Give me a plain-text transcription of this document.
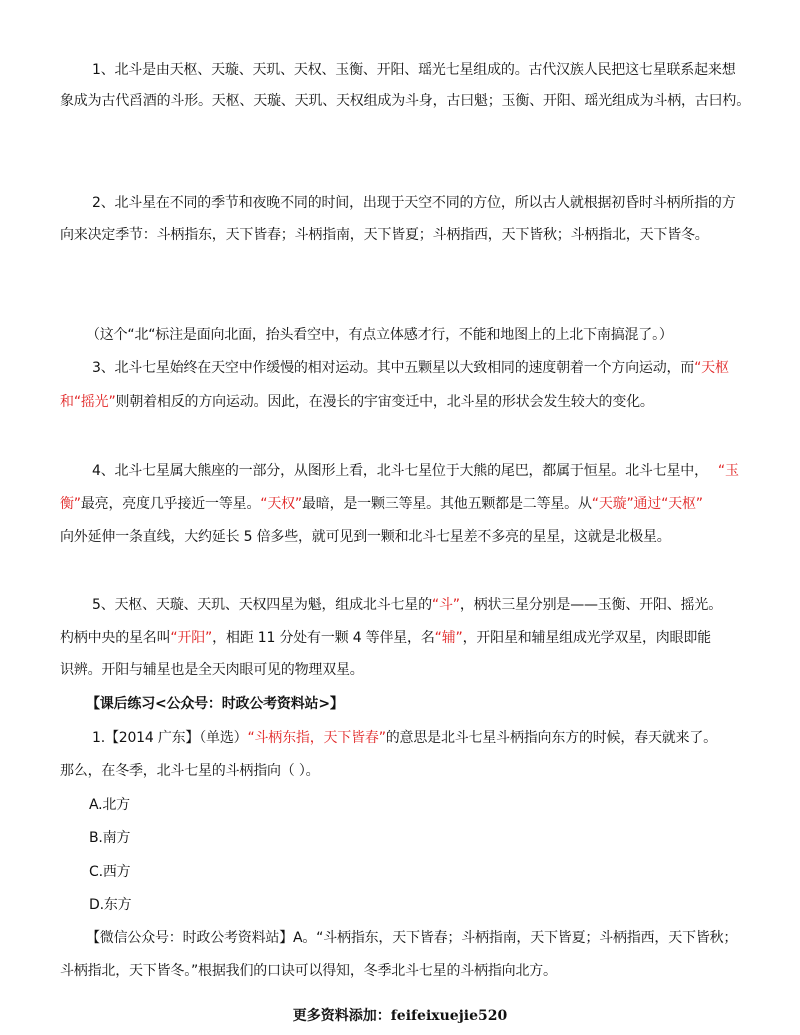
1、北斗是由天枢、天璇、天玑、天权、玉衡、开阳、瑶光七星组成的。古代汉族人民把这七星联系起来想
象成为古代舀酒的斗形。天枢、天璇、天玑、天权组成为斗身，古曰魁；玉衡、开阳、瑶光组成为斗柄，古曰杓。
2、北斗星在不同的季节和夜晚不同的时间，出现于天空不同的方位，所以古人就根据初昏时斗柄所指的方
向来决定季节：斗柄指东，天下皆春；斗柄指南，天下皆夏；斗柄指西，天下皆秋；斗柄指北，天下皆冬。
（这个“北“标注是面向北面，抬头看空中，有点立体感才行，不能和地图上的上北下南搞混了。）
3、北斗七星始终在天空中作缓慢的相对运动。其中五颗星以大致相同的速度朝着一个方向运动，而“天枢
和“摇光”则朝着相反的方向运动。因此，在漫长的宇宙变迁中，北斗星的形状会发生较大的变化。
4、北斗七星属大熊座的一部分，从图形上看，北斗七星位于大熊的尾巴，都属于恒星。北斗七星中， “玉
衡”最亮，亮度几乎接近一等星。“天权”最暗，是一颗三等星。其他五颗都是二等星。从“天璇”通过“天枢”
向外延伸一条直线，大约延长 5 倍多些，就可见到一颗和北斗七星差不多亮的星星，这就是北极星。
5、天枢、天璇、天玑、天权四星为魁，组成北斗七星的“斗”，柄状三星分别是——玉衡、开阳、摇光。
杓柄中央的星名叫“开阳”，相距 11 分处有一颗 4 等伴星，名“辅”，开阳星和辅星组成光学双星，肉眼即能
识辨。开阳与辅星也是全天肉眼可见的物理双星。
【课后练习<公众号：时政公考资料站>】
1.【2014 广东】（单选）“斗柄东指，天下皆春”的意思是北斗七星斗柄指向东方的时候，春天就来了。
那么，在冬季，北斗七星的斗柄指向（ ）。
A.北方
B.南方
C.西方
D.东方
【微信公众号：时政公考资料站】A。“斗柄指东，天下皆春；斗柄指南，天下皆夏；斗柄指西，天下皆秋；
斗柄指北，天下皆冬。”根据我们的口诀可以得知，冬季北斗七星的斗柄指向北方。
更多资料添加：feifeixuejie520
